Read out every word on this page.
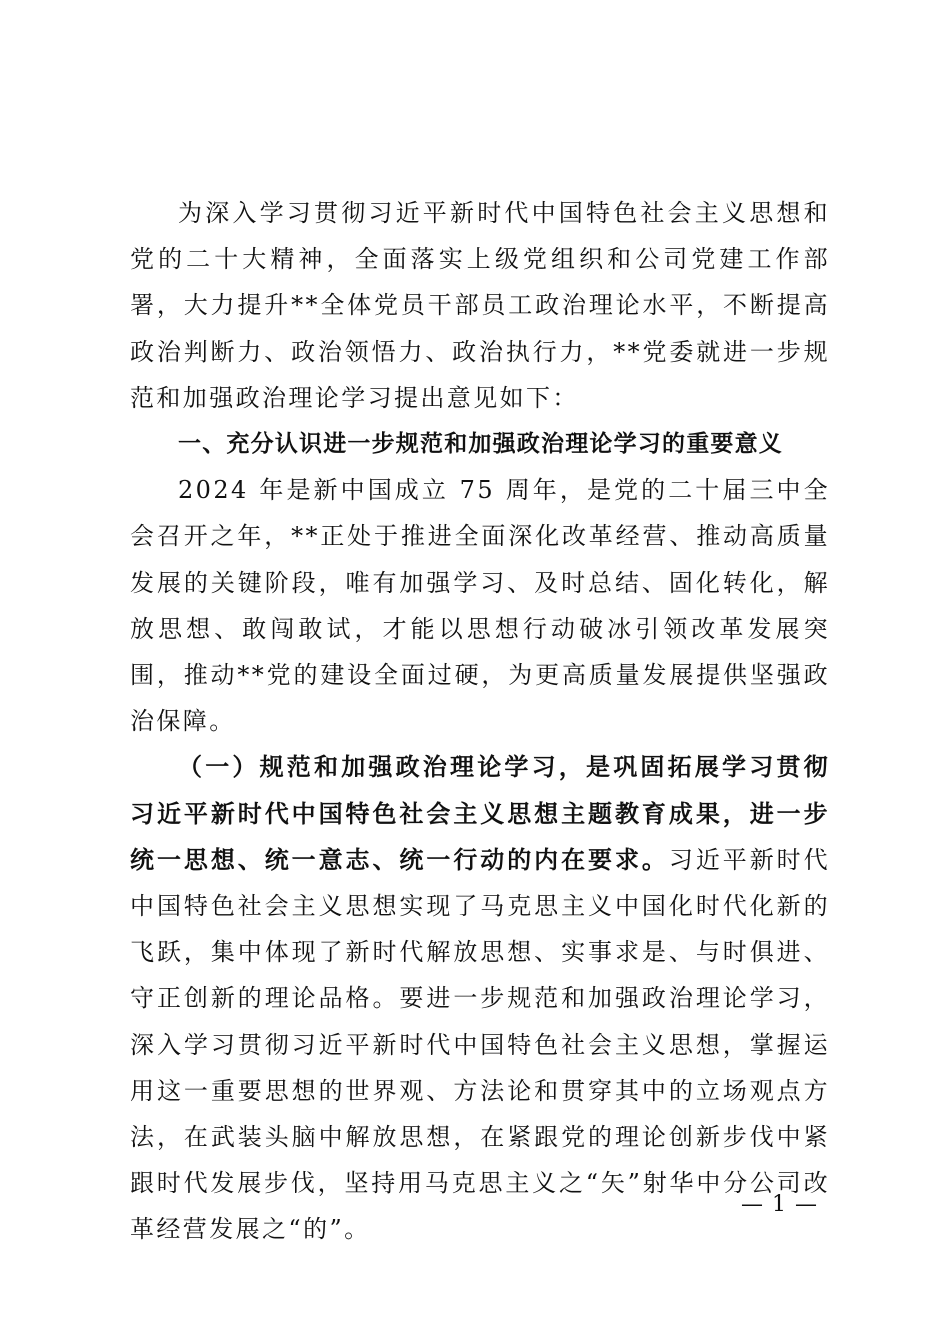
为深入学习贯彻习近平新时代中国特色社会主义思想和党的二十大精神，全面落实上级党组织和公司党建工作部署，大力提升**全体党员干部员工政治理论水平，不断提高政治判断力、政治领悟力、政治执行力，**党委就进一步规范和加强政治理论学习提出意见如下：

一、充分认识进一步规范和加强政治理论学习的重要意义

2024 年是新中国成立 75 周年，是党的二十届三中全会召开之年，**正处于推进全面深化改革经营、推动高质量发展的关键阶段，唯有加强学习、及时总结、固化转化，解放思想、敢闯敢试，才能以思想行动破冰引领改革发展突围，推动**党的建设全面过硬，为更高质量发展提供坚强政治保障。

（一）规范和加强政治理论学习，是巩固拓展学习贯彻习近平新时代中国特色社会主义思想主题教育成果，进一步统一思想、统一意志、统一行动的内在要求。习近平新时代中国特色社会主义思想实现了马克思主义中国化时代化新的飞跃，集中体现了新时代解放思想、实事求是、与时俱进、守正创新的理论品格。要进一步规范和加强政治理论学习，深入学习贯彻习近平新时代中国特色社会主义思想，掌握运用这一重要思想的世界观、方法论和贯穿其中的立场观点方法，在武装头脑中解放思想，在紧跟党的理论创新步伐中紧跟时代发展步伐，坚持用马克思主义之“矢”射华中分公司改革经营发展之“的”。

— 1 —
